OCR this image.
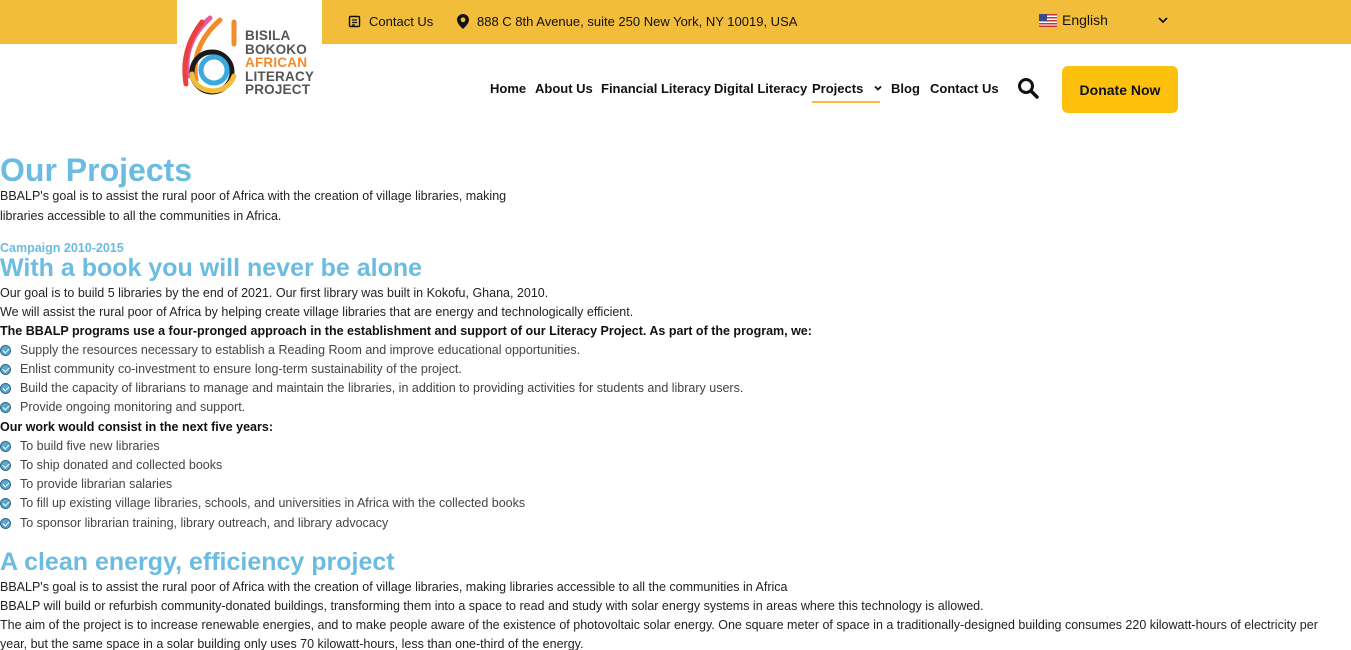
Contact Us	888 C 8th Avenue, suite 250 New York, NY 10019, USA	English
BISILA
BOKOKO
AFRICAN
LITERACY
PROJECT	Home About Us Financial Literacy Digital Literacy Projects	Blog Contact Us	Donate Now
Our Projects

BBALP's goal is to assist the rural poor of Africa with the creation of village libraries, making

libraries accessible to all the communities in Africa.

Campaign 2010-2015
With a book you will never be alone

Our goal is to build 5 libraries by the end of 2021. Our first library was built in Kokofu, Ghana, 2010.

We will assist the rural poor of Africa by helping create village libraries that are energy and technologically efficient.

The BBALP programs use a four-pronged approach in the establishment and support of our Literacy Project. As part of the program, we:

Supply the resources necessary to establish a Reading Room and improve educational opportunities.
Enlist community co-investment to ensure long-term sustainability of the project.
Build the capacity of librarians to manage and maintain the libraries, in addition to providing activities for students and library users.
Provide ongoing monitoring and support.

Our work would consist in the next five years:

To build five new libraries
To ship donated and collected books
To provide librarian salaries
To fill up existing village libraries, schools, and universities in Africa with the collected books
To sponsor librarian training, library outreach, and library advocacy
A clean energy, efficiency project

BBALP's goal is to assist the rural poor of Africa with the creation of village libraries, making libraries accessible to all the communities in Africa

BBALP will build or refurbish community-donated buildings, transforming them into a space to read and study with solar energy systems in areas where this technology is allowed.

The aim of the project is to increase renewable energies, and to make people aware of the existence of photovoltaic solar energy. One square meter of space in a traditionally-designed building consumes 220 kilowatt-hours of electricity per

year, but the same space in a solar building only uses 70 kilowatt-hours, less than one-third of the energy.
